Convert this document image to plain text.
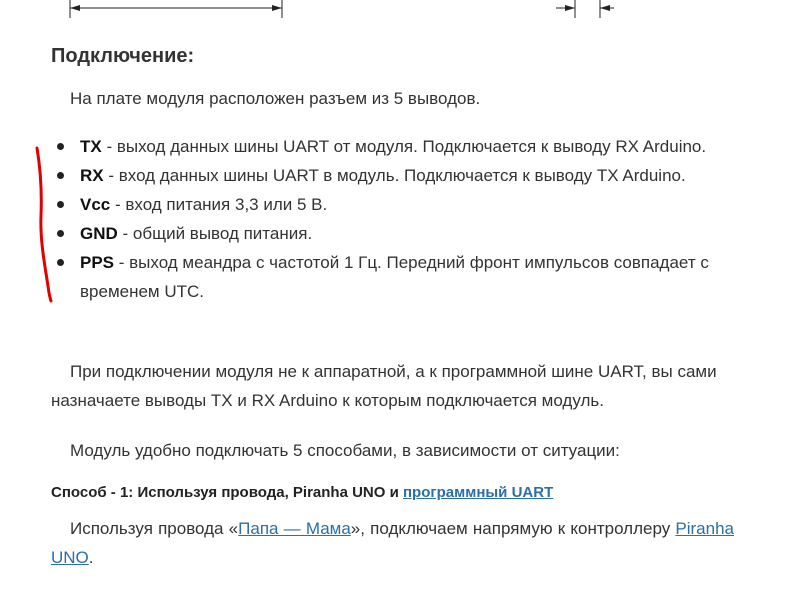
Подключение:

На плате модуля расположен разъем из 5 выводов.

TX - выход данных шины UART от модуля. Подключается к выводу RX Arduino.
RX - вход данных шины UART в модуль. Подключается к выводу TX Arduino.
Vcc - вход питания 3,3 или 5 В.
GND - общий вывод питания.
PPS - выход меандра с частотой 1 Гц. Передний фронт импульсов совпадает с временем UTC.

При подключении модуля не к аппаратной, а к программной шине UART, вы сами назначаете выводы TX и RX Arduino к которым подключается модуль.

Модуль удобно подключать 5 способами, в зависимости от ситуации:

Способ - 1: Используя провода, Piranha UNO и программный UART

Используя провода «Папа — Мама», подключаем напрямую к контроллеру Piranha UNO.
